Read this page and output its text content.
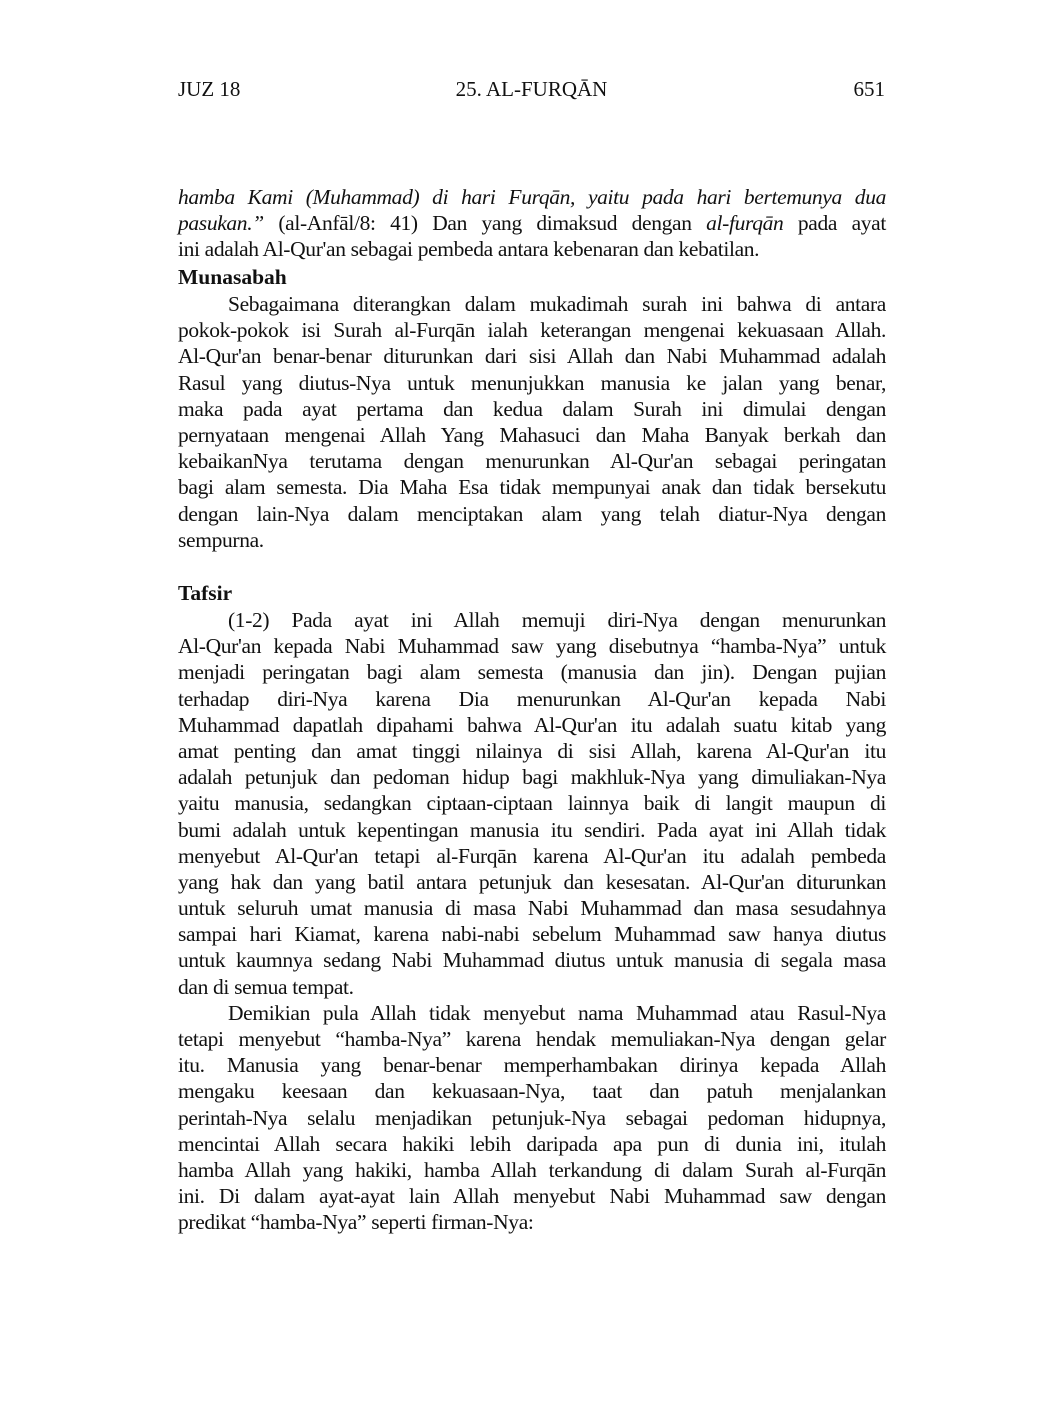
JUZ 18	25. AL-FURQĀN	651
hamba Kami (Muhammad) di hari Furqān, yaitu pada hari bertemunya dua
pasukan.” (al-Anfāl/8: 41) Dan yang dimaksud dengan al-furqān pada ayat
ini adalah Al-Qur'an sebagai pembeda antara kebenaran dan kebatilan.
Munasabah
Sebagaimana diterangkan dalam mukadimah surah ini bahwa di antara
pokok-pokok isi Surah al-Furqān ialah keterangan mengenai kekuasaan Allah.
Al-Qur'an benar-benar diturunkan dari sisi Allah dan Nabi Muhammad adalah
Rasul yang diutus-Nya untuk menunjukkan manusia ke jalan yang benar,
maka pada ayat pertama dan kedua dalam Surah ini dimulai dengan
pernyataan mengenai Allah Yang Mahasuci dan Maha Banyak berkah dan
kebaikanNya terutama dengan menurunkan Al-Qur'an sebagai peringatan
bagi alam semesta. Dia Maha Esa tidak mempunyai anak dan tidak bersekutu
dengan lain-Nya dalam menciptakan alam yang telah diatur-Nya dengan
sempurna.
Tafsir
(1-2) Pada ayat ini Allah memuji diri-Nya dengan menurunkan
Al-Qur'an kepada Nabi Muhammad saw yang disebutnya “hamba-Nya” untuk
menjadi peringatan bagi alam semesta (manusia dan jin). Dengan pujian
terhadap diri-Nya karena Dia menurunkan Al-Qur'an kepada Nabi
Muhammad dapatlah dipahami bahwa Al-Qur'an itu adalah suatu kitab yang
amat penting dan amat tinggi nilainya di sisi Allah, karena Al-Qur'an itu
adalah petunjuk dan pedoman hidup bagi makhluk-Nya yang dimuliakan-Nya
yaitu manusia, sedangkan ciptaan-ciptaan lainnya baik di langit maupun di
bumi adalah untuk kepentingan manusia itu sendiri. Pada ayat ini Allah tidak
menyebut Al-Qur'an tetapi al-Furqān karena Al-Qur'an itu adalah pembeda
yang hak dan yang batil antara petunjuk dan kesesatan. Al-Qur'an diturunkan
untuk seluruh umat manusia di masa Nabi Muhammad dan masa sesudahnya
sampai hari Kiamat, karena nabi-nabi sebelum Muhammad saw hanya diutus
untuk kaumnya sedang Nabi Muhammad diutus untuk manusia di segala masa
dan di semua tempat.
Demikian pula Allah tidak menyebut nama Muhammad atau Rasul-Nya
tetapi menyebut “hamba-Nya” karena hendak memuliakan-Nya dengan gelar
itu. Manusia yang benar-benar memperhambakan dirinya kepada Allah
mengaku keesaan dan kekuasaan-Nya, taat dan patuh menjalankan
perintah-Nya selalu menjadikan petunjuk-Nya sebagai pedoman hidupnya,
mencintai Allah secara hakiki lebih daripada apa pun di dunia ini, itulah
hamba Allah yang hakiki, hamba Allah terkandung di dalam Surah al-Furqān
ini. Di dalam ayat-ayat lain Allah menyebut Nabi Muhammad saw dengan
predikat “hamba-Nya” seperti firman-Nya:
